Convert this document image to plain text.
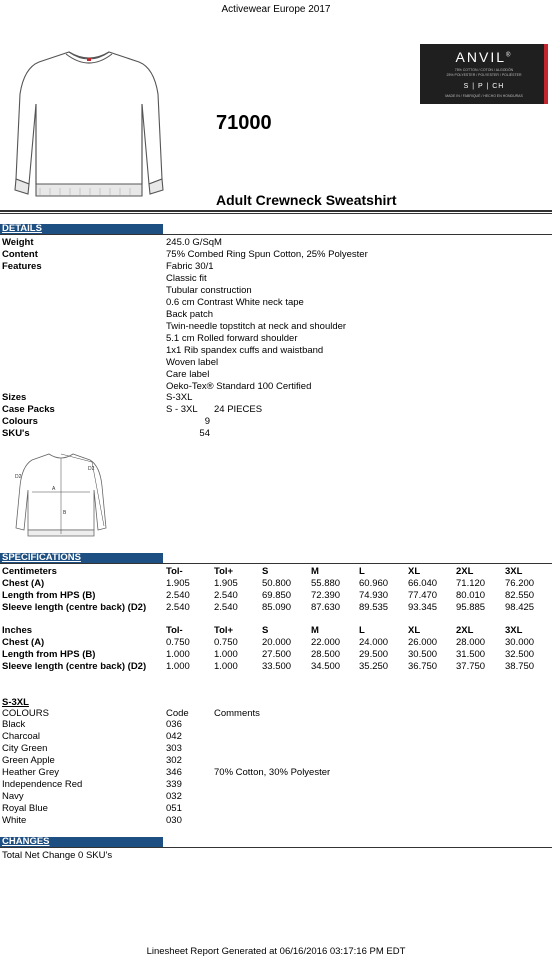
Activewear Europe 2017
ANVIL®
75% COTTON / COTON / ALGODÓN
25% POLYESTER / POLYESTER / POLIÉSTER
S | P | CH
MADE IN / FABRIQUÉ / HECHO EN HONDURAS
71000
Adult Crewneck Sweatshirt
DETAILS
Weight	245.0 G/SqM
Content	75% Combed Ring Spun Cotton, 25% Polyester
Features	Fabric 30/1
Classic fit
Tubular construction
0.6 cm Contrast White neck tape
Back patch
Twin-needle topstitch at neck and shoulder
5.1 cm Rolled forward shoulder
1x1 Rib spandex cuffs and waistband
Woven label
Care label
Oeko-Tex® Standard 100 Certified
Sizes	S-3XL
Case Packs	S - 3XL 24 PIECES
Colours	9
SKU's	54
A
B
D2
D2
SPECIFICATIONS
Centimeters	Tol-	Tol+	S	M	L	XL	2XL	3XL
Chest (A)	1.905	1.905	50.800 55.880 60.960 66.040 71.120 76.200
Length from HPS (B)	2.540	2.540	69.850 72.390 74.930 77.470 80.010 82.550
Sleeve length (centre back) (D2) 2.540	2.540	85.090 87.630 89.535 93.345 95.885 98.425
Inches	Tol-	Tol+	S	M	L	XL	2XL	3XL
Chest (A)	0.750	0.750	20.000 22.000 24.000 26.000 28.000 30.000
Length from HPS (B)	1.000	1.000	27.500 28.500 29.500 30.500 31.500 32.500
Sleeve length (centre back) (D2) 1.000	1.000	33.500 34.500 35.250 36.750 37.750 38.750
S-3XL
COLOURS	Code	Comments
Black	036
Charcoal	042
City Green	303
Green Apple	302
Heather Grey	346	70% Cotton, 30% Polyester
Independence Red	339
Navy	032
Royal Blue	051
White	030
CHANGES
Total Net Change 0 SKU's
Linesheet Report Generated at 06/16/2016 03:17:16 PM EDT
